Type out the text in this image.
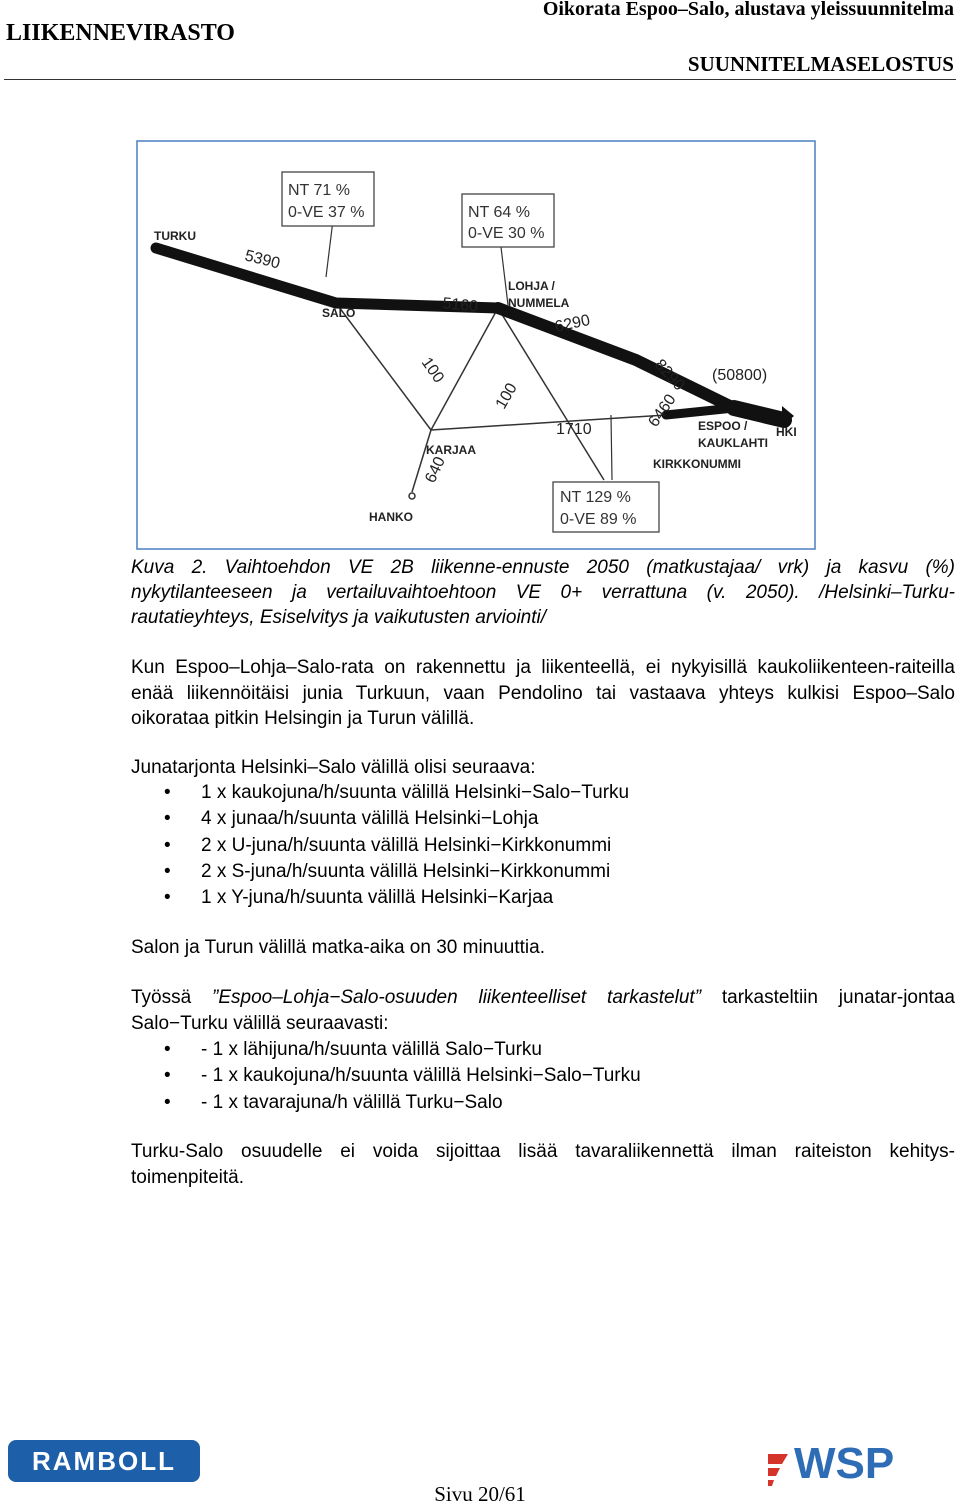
LIIKENNEVIRASTO
Oikorata Espoo–Salo, alustava yleissuunnitelma
SUUNNITELMASELOSTUS
NT 71 %
0-VE 37 %	NT 64 %
0-VE 30 %
NT 129 %
0-VE 89 %
TURKU
SALO
LOHJA /
NUMMELA
KARJAA
HANKO
ESPOO /
KAUKLAHTI
KIRKKONUMMI
HKI
5390
5160
6290
8290 (50800)
6460
1710
100
100
640
Kuva 2. Vaihtoehdon VE 2B liikenne-ennuste 2050 (matkustajaa/ vrk) ja kasvu (%) nykytilanteeseen ja vertailuvaihtoehtoon VE 0+ verrattuna (v. 2050). /Helsinki–Turku-rautatieyhteys, Esiselvitys ja vaikutusten arviointi/
Kun Espoo–Lohja–Salo-rata on rakennettu ja liikenteellä, ei nykyisillä kaukoliikenteen-raiteilla enää liikennöitäisi junia Turkuun, vaan Pendolino tai vastaava yhteys kulkisi Espoo–Salo oikorataa pitkin Helsingin ja Turun välillä.
Junatarjonta Helsinki–Salo välillä olisi seuraava:
• 1 x kaukojuna/h/suunta välillä Helsinki−Salo−Turku
• 4 x junaa/h/suunta välillä Helsinki−Lohja
• 2 x U-juna/h/suunta välillä Helsinki−Kirkkonummi
• 2 x S-juna/h/suunta välillä Helsinki−Kirkkonummi
• 1 x Y-juna/h/suunta välillä Helsinki−Karjaa
Salon ja Turun välillä matka-aika on 30 minuuttia.
Työssä ”Espoo–Lohja−Salo-osuuden liikenteelliset tarkastelut” tarkasteltiin junatar-jontaa Salo−Turku välillä seuraavasti:
• - 1 x lähijuna/h/suunta välillä Salo−Turku
• - 1 x kaukojuna/h/suunta välillä Helsinki−Salo−Turku
• - 1 x tavarajuna/h välillä Turku−Salo
Turku-Salo osuudelle ei voida sijoittaa lisää tavaraliikennettä ilman raiteiston kehitys-toimenpiteitä.
RAMBOLL	WSP
Sivu 20/61
